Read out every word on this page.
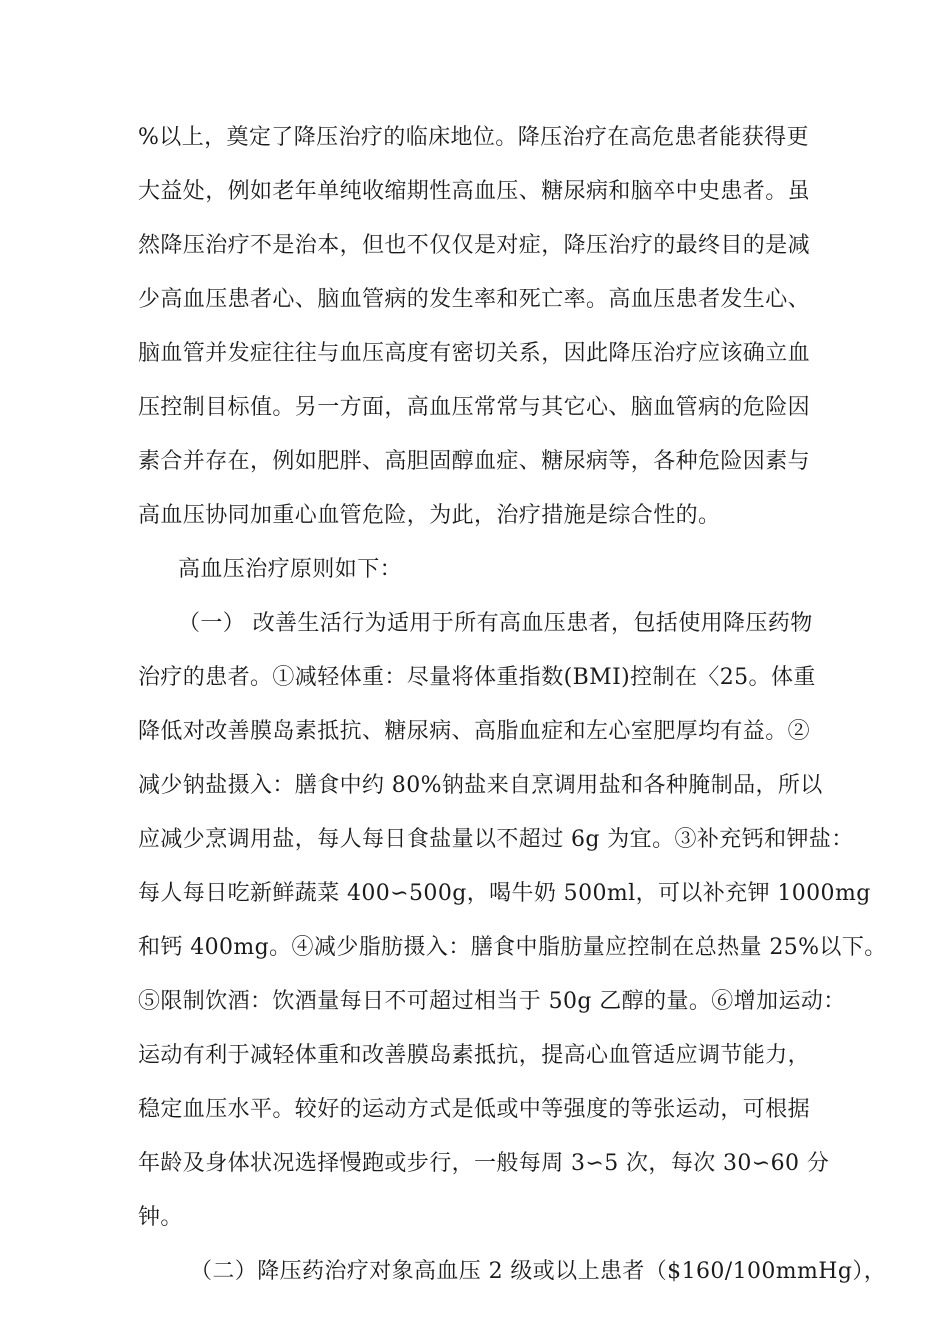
%以上，奠定了降压治疗的临床地位。降压治疗在高危患者能获得更
大益处，例如老年单纯收缩期性高血压、糖尿病和脑卒中史患者。虽
然降压治疗不是治本，但也不仅仅是对症，降压治疗的最终目的是减
少高血压患者心、脑血管病的发生率和死亡率。高血压患者发生心、
脑血管并发症往往与血压高度有密切关系，因此降压治疗应该确立血
压控制目标值。另一方面，高血压常常与其它心、脑血管病的危险因
素合并存在，例如肥胖、高胆固醇血症、糖尿病等，各种危险因素与
高血压协同加重心血管危险，为此，治疗措施是综合性的。
高血压治疗原则如下：
（一） 改善生活行为适用于所有高血压患者，包括使用降压药物
治疗的患者。①减轻体重：尽量将体重指数(BMI)控制在〈25。体重
降低对改善膜岛素抵抗、糖尿病、高脂血症和左心室肥厚均有益。②
减少钠盐摄入：膳食中约 80%钠盐来自烹调用盐和各种腌制品，所以
应减少烹调用盐，每人每日食盐量以不超过 6g 为宜。③补充钙和钾盐：
每人每日吃新鲜蔬菜 400∽500g，喝牛奶 500ml，可以补充钾 1000mg
和钙 400mg。④减少脂肪摄入：膳食中脂肪量应控制在总热量 25%以下。
⑤限制饮酒：饮酒量每日不可超过相当于 50g 乙醇的量。⑥增加运动：
运动有利于减轻体重和改善膜岛素抵抗，提高心血管适应调节能力，
稳定血压水平。较好的运动方式是低或中等强度的等张运动，可根据
年龄及身体状况选择慢跑或步行，一般每周 3∽5 次，每次 30∽60 分
钟。
（二）降压药治疗对象高血压 2 级或以上患者（$160/100mmHg），
